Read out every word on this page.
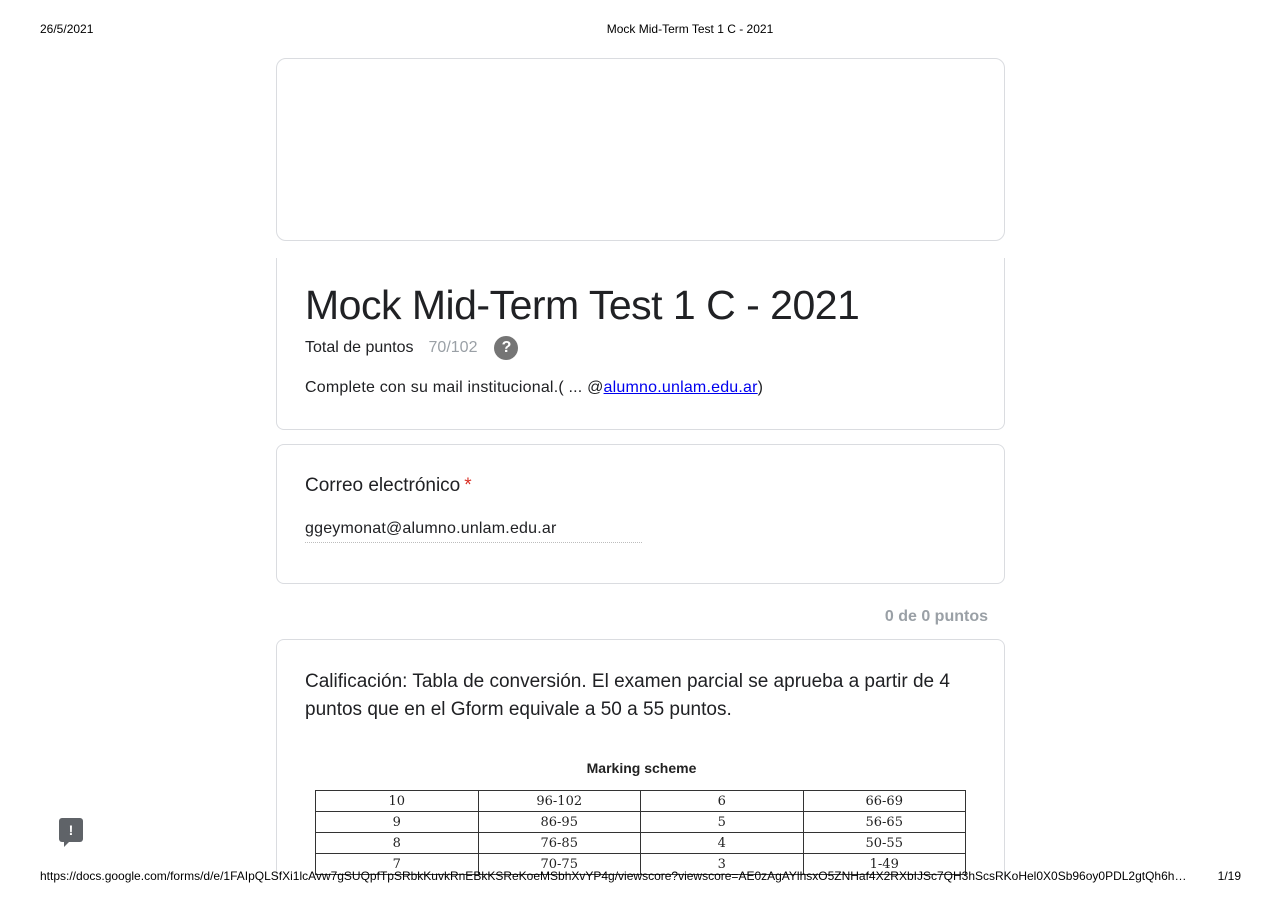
26/5/2021	Mock Mid-Term Test 1 C - 2021
Mock Mid-Term Test 1 C - 2021
Total de puntos 70/102	?
Complete con su mail institucional.( ... @alumno.unlam.edu.ar)
Correo electrónico *
ggeymonat@alumno.unlam.edu.ar
0 de 0 puntos
Calificación: Tabla de conversión. El examen parcial se aprueba a partir de 4 puntos que en el Gform equivale a 50 a 55 puntos.
Marking scheme
10	96-102	6	66-69
9	86-95	5	56-65
8	76-85	4	50-55
7	70-75	3	1-49
!
https://docs.google.com/forms/d/e/1FAIpQLSfXi1lcAvw7gSUQpfTpSRbkKuvkRnEBkKSReKoeMSbhXvYP4g/viewscore?viewscore=AE0zAgAYlhsxO5ZNHaf4X2RXbIJSc7QH3hScsRKoHel0X0Sb96oy0PDL2gtQh6h…	1/19
